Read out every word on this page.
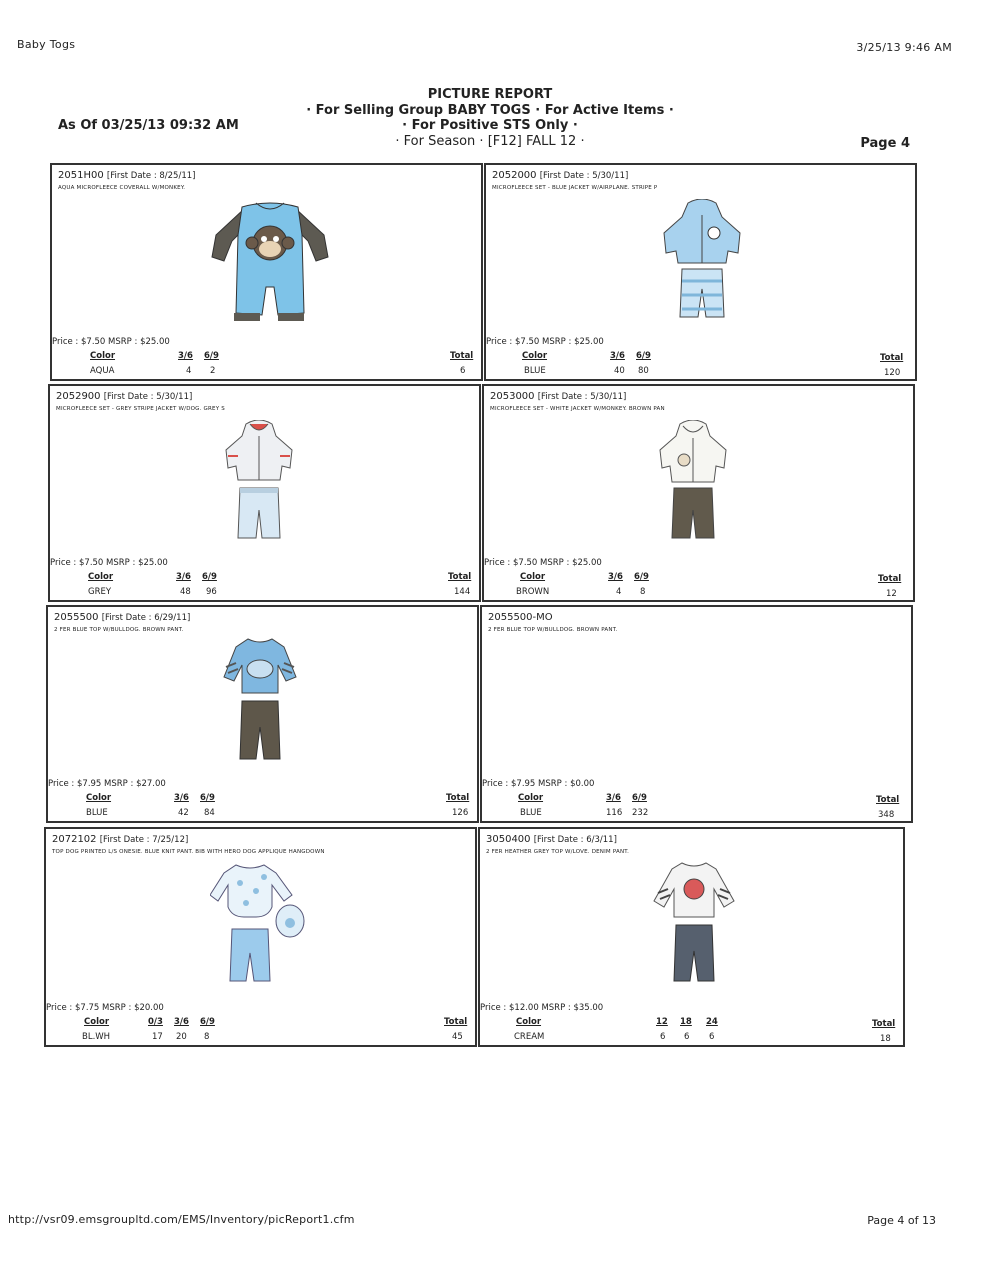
Baby Togs	3/25/13 9:46 AM
As Of 03/25/13 09:32 AM
PICTURE REPORT
· For Selling Group BABY TOGS · For Active Items ·
· For Positive STS Only ·
· For Season · [F12] FALL 12 ·	Page 4
2051H00 [First Date : 8/25/11]
AQUA MICROFLEECE COVERALL W/MONKEY.
Price : $7.50 MSRP : $25.00
Color	3/6 6/9	Total
AQUA	4 2	6
2052000 [First Date : 5/30/11]
MICROFLEECE SET - BLUE JACKET W/AIRPLANE. STRIPE P
Price : $7.50 MSRP : $25.00
Color	3/6 6/9	Total
BLUE	40 80	120
2052900 [First Date : 5/30/11]
MICROFLEECE SET - GREY STRIPE JACKET W/DOG. GREY S
Price : $7.50 MSRP : $25.00
Color	3/6 6/9	Total
GREY	48 96	144
2053000 [First Date : 5/30/11]
MICROFLEECE SET - WHITE JACKET W/MONKEY. BROWN PAN
Price : $7.50 MSRP : $25.00
Color	3/6 6/9	Total
BROWN	4 8	12
2055500 [First Date : 6/29/11]
2 FER BLUE TOP W/BULLDOG. BROWN PANT.
Price : $7.95 MSRP : $27.00
Color	3/6 6/9	Total
BLUE	42 84	126
2055500-MO
2 FER BLUE TOP W/BULLDOG. BROWN PANT.
Price : $7.95 MSRP : $0.00
Color	3/6 6/9	Total
BLUE	116 232	348
2072102 [First Date : 7/25/12]
TOP DOG PRINTED L/S ONESIE. BLUE KNIT PANT. BIB WITH HERO DOG APPLIQUE HANGDOWN
Price : $7.75 MSRP : $20.00
Color	0/3 3/6 6/9	Total
BL.WH	17 20 8	45
3050400 [First Date : 6/3/11]
2 FER HEATHER GREY TOP W/LOVE. DENIM PANT.
Price : $12.00 MSRP : $35.00
Color	12 18 24	Total
CREAM	6 6 6	18
http://vsr09.emsgroupltd.com/EMS/Inventory/picReport1.cfm	Page 4 of 13
